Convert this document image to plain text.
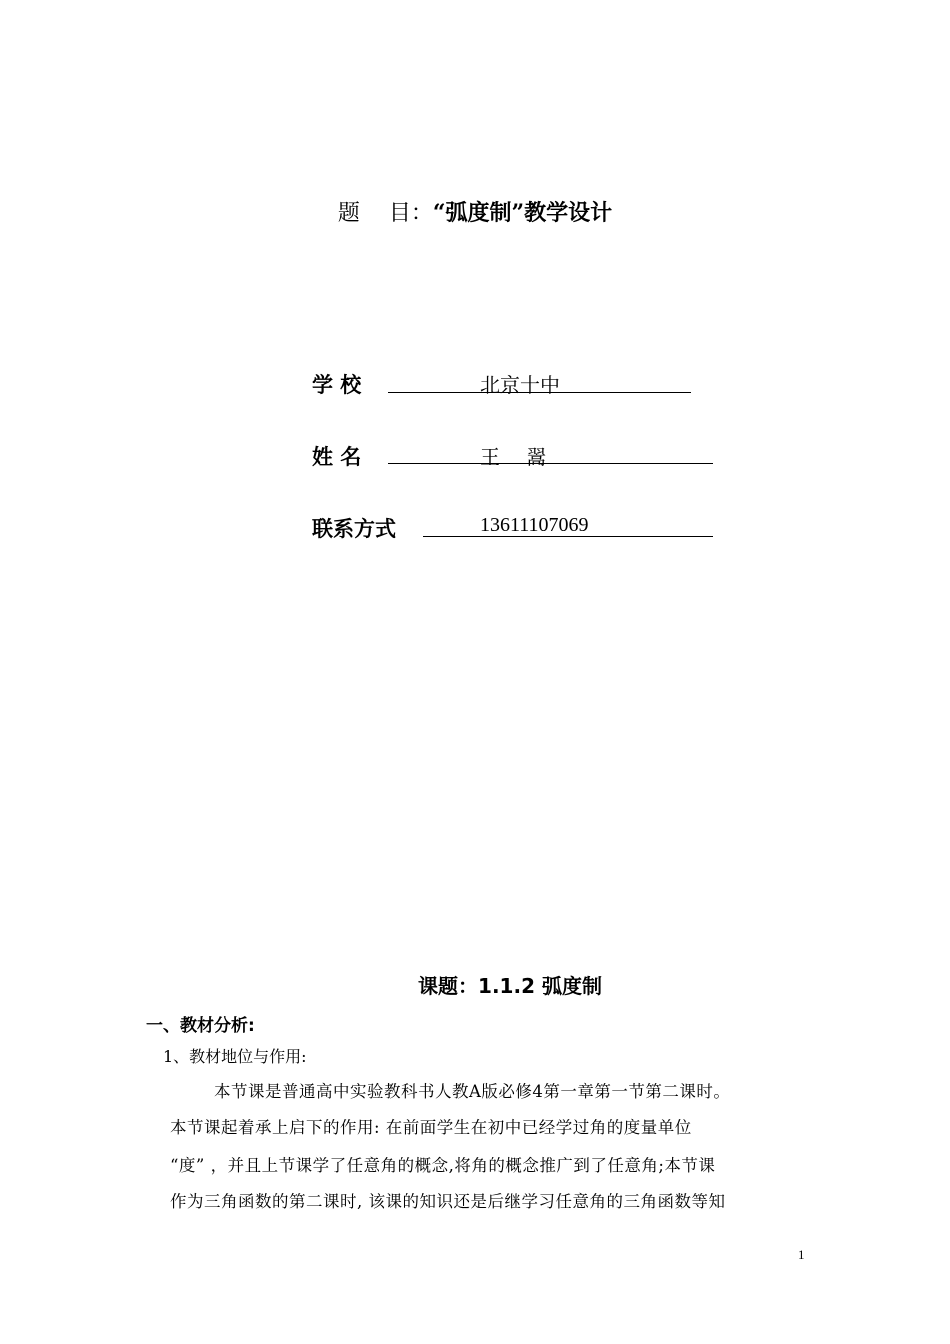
题　 目：“弧度制”教学设计
学 校	北京十中
姓 名	王　 翯
联系方式	13611107069
课题：1.1.2 弧度制
一、教材分析:
1、教材地位与作用:
本节课是普通高中实验教科书人教A版必修4第一章第一节第二课时。
本节课起着承上启下的作用: 在前面学生在初中已经学过角的度量单位
“度” ，并且上节课学了任意角的概念,将角的概念推广到了任意角;本节课
作为三角函数的第二课时, 该课的知识还是后继学习任意角的三角函数等知
1
